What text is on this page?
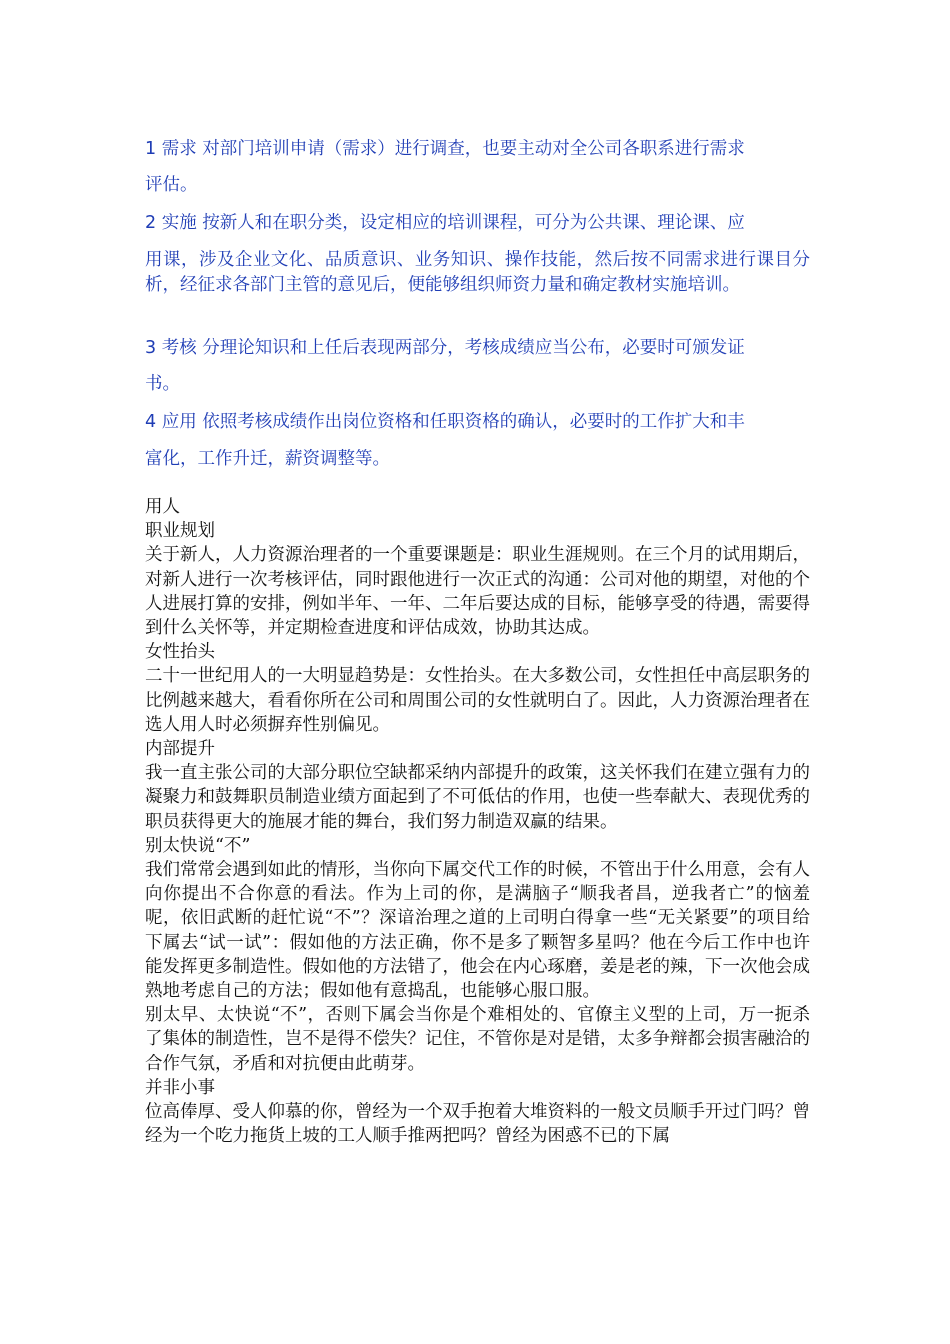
1 需求 对部门培训申请（需求）进行调查，也要主动对全公司各职系进行需求
评估。
2 实施 按新人和在职分类，设定相应的培训课程，可分为公共课、理论课、应
用课，涉及企业文化、品质意识、业务知识、操作技能，然后按不同需求进行课目分析，经征求各部门主管的意见后，便能够组织师资力量和确定教材实施培训。
3 考核 分理论知识和上任后表现两部分，考核成绩应当公布，必要时可颁发证
书。
4 应用 依照考核成绩作出岗位资格和任职资格的确认，必要时的工作扩大和丰
富化，工作升迁，薪资调整等。

用人

职业规划

关于新人，人力资源治理者的一个重要课题是：职业生涯规则。在三个月的试用期后，对新人进行一次考核评估，同时跟他进行一次正式的沟通：公司对他的期望，对他的个人进展打算的安排，例如半年、一年、二年后要达成的目标，能够享受的待遇，需要得到什么关怀等，并定期检查进度和评估成效，协助其达成。

女性抬头

二十一世纪用人的一大明显趋势是：女性抬头。在大多数公司，女性担任中高层职务的比例越来越大，看看你所在公司和周围公司的女性就明白了。因此，人力资源治理者在选人用人时必须摒弃性别偏见。

内部提升

我一直主张公司的大部分职位空缺都采纳内部提升的政策，这关怀我们在建立强有力的凝聚力和鼓舞职员制造业绩方面起到了不可低估的作用，也使一些奉献大、表现优秀的职员获得更大的施展才能的舞台，我们努力制造双赢的结果。

别太快说“不”

我们常常会遇到如此的情形，当你向下属交代工作的时候，不管出于什么用意，会有人向你提出不合你意的看法。作为上司的你，是满脑子“顺我者昌，逆我者亡”的恼羞呢，依旧武断的赶忙说“不”？深谙治理之道的上司明白得拿一些“无关紧要”的项目给下属去“试一试”：假如他的方法正确，你不是多了颗智多星吗？他在今后工作中也许能发挥更多制造性。假如他的方法错了，他会在内心琢磨，姜是老的辣，下一次他会成熟地考虑自己的方法；假如他有意捣乱，也能够心服口服。

别太早、太快说“不”，否则下属会当你是个难相处的、官僚主义型的上司，万一扼杀了集体的制造性，岂不是得不偿失？记住，不管你是对是错，太多争辩都会损害融洽的合作气氛，矛盾和对抗便由此萌芽。

并非小事

位高俸厚、受人仰慕的你，曾经为一个双手抱着大堆资料的一般文员顺手开过门吗？曾经为一个吃力拖货上坡的工人顺手推两把吗？曾经为困惑不已的下属
